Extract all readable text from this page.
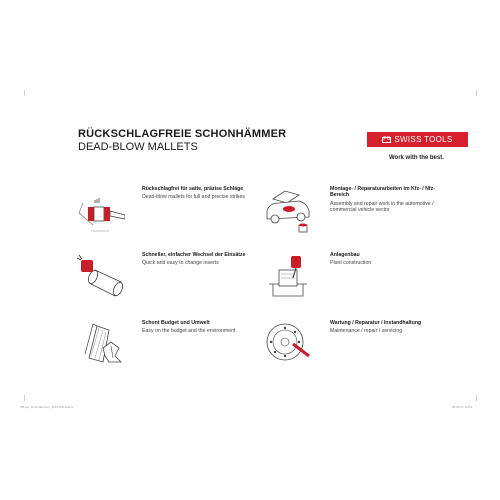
RÜCKSCHLAGFREIE SCHONHÄMMER
DEAD-BLOW MALLETS
PB SWISS TOOLS
Work with the best.
Rückschlagfrei für satte, präzise Schläge
Dead-blow mallets for full and precise strikes
Schneller, einfacher Wechsel der Einsätze
Quick and easy to change inserts
Schont Budget und Umwelt
Easy on the budget and the environment
Montage- / Reparaturarbeiten im Kfz- / Nfz-Bereich
Assembly and repair work in the automotive / commercial vehicle sector
Anlagenbau
Plant construction
Wartung / Reparatur / Instandhaltung
Maintenance / repair / servicing
PB-Ad_Schonhammer_2019-RW.indd 4	08.04.17 10:54
